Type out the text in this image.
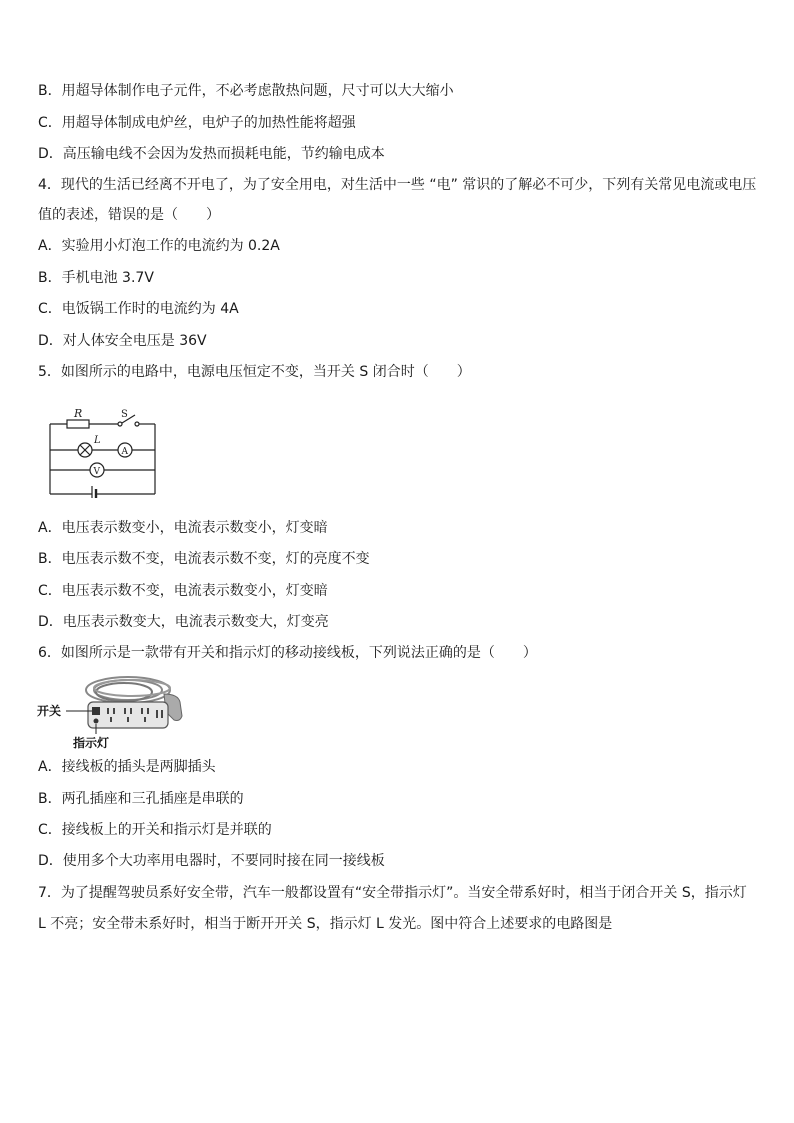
B．用超导体制作电子元件，不必考虑散热问题，尺寸可以大大缩小
C．用超导体制成电炉丝，电炉子的加热性能将超强
D．高压输电线不会因为发热而损耗电能，节约输电成本
4．现代的生活已经离不开电了，为了安全用电，对生活中一些 “电” 常识的了解必不可少，下列有关常见电流或电压
值的表述，错误的是（　　）
A．实验用小灯泡工作的电流约为 0.2A
B．手机电池 3.7V
C．电饭锅工作时的电流约为 4A
D．对人体安全电压是 36V
5．如图所示的电路中，电源电压恒定不变，当开关 S 闭合时（　　）
R	S
L
A
V
A．电压表示数变小，电流表示数变小，灯变暗
B．电压表示数不变，电流表示数不变，灯的亮度不变
C．电压表示数不变，电流表示数变小，灯变暗
D．电压表示数变大，电流表示数变大，灯变亮
6．如图所示是一款带有开关和指示灯的移动接线板，下列说法正确的是（　　）
开关
指示灯
A．接线板的插头是两脚插头
B．两孔插座和三孔插座是串联的
C．接线板上的开关和指示灯是并联的
D．使用多个大功率用电器时，不要同时接在同一接线板
7．为了提醒驾驶员系好安全带，汽车一般都设置有“安全带指示灯”。当安全带系好时，相当于闭合开关 S，指示灯
L 不亮；安全带未系好时，相当于断开开关 S，指示灯 L 发光。图中符合上述要求的电路图是
